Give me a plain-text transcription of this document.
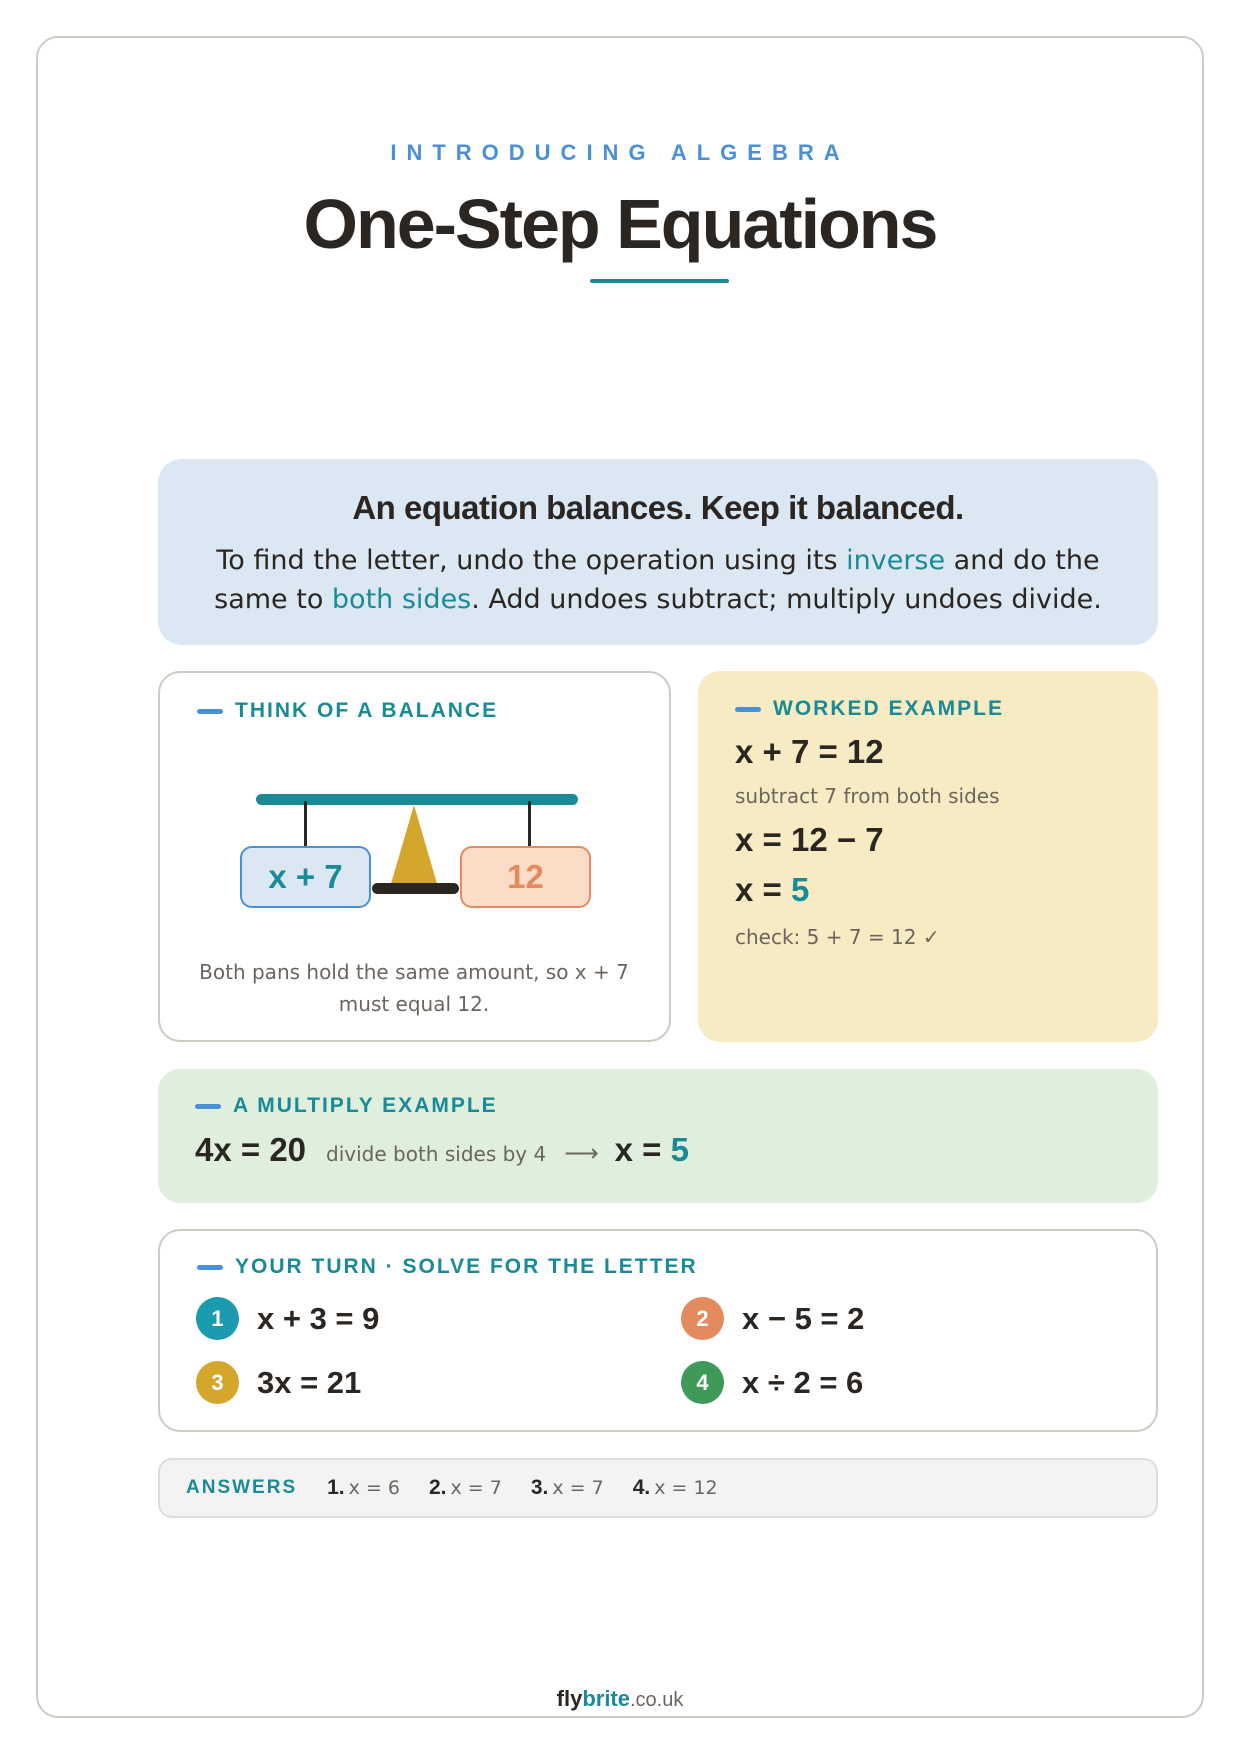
INTRODUCING ALGEBRA
One-Step Equations
An equation balances. Keep it balanced.
To find the letter, undo the operation using its inverse and do the same to both sides. Add undoes subtract; multiply undoes divide.
THINK OF A BALANCE
x + 7	12
Both pans hold the same amount, so x + 7 must equal 12.
WORKED EXAMPLE
x + 7 = 12
subtract 7 from both sides
x = 12 − 7
x = 5
check: 5 + 7 = 12 ✓
A MULTIPLY EXAMPLE
4x = 20 divide both sides by 4 ⟶ x = 5
YOUR TURN · SOLVE FOR THE LETTER
1	x + 3 = 9	2	x − 5 = 2
3	3x = 21	4	x ÷ 2 = 6
ANSWERS 1. x = 6 2. x = 7 3. x = 7 4. x = 12
flybrite.co.uk
